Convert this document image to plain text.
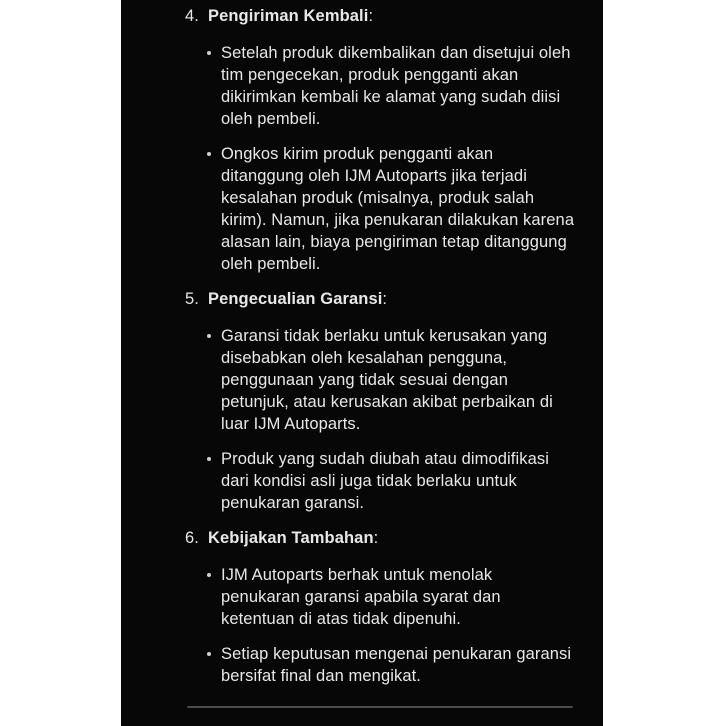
4. Pengiriman Kembali:
Setelah produk dikembalikan dan disetujui oleh tim pengecekan, produk pengganti akan dikirimkan kembali ke alamat yang sudah diisi oleh pembeli.
Ongkos kirim produk pengganti akan ditanggung oleh IJM Autoparts jika terjadi kesalahan produk (misalnya, produk salah kirim). Namun, jika penukaran dilakukan karena alasan lain, biaya pengiriman tetap ditanggung oleh pembeli.
5. Pengecualian Garansi:
Garansi tidak berlaku untuk kerusakan yang disebabkan oleh kesalahan pengguna, penggunaan yang tidak sesuai dengan petunjuk, atau kerusakan akibat perbaikan di luar IJM Autoparts.
Produk yang sudah diubah atau dimodifikasi dari kondisi asli juga tidak berlaku untuk penukaran garansi.
6. Kebijakan Tambahan:
IJM Autoparts berhak untuk menolak penukaran garansi apabila syarat dan ketentuan di atas tidak dipenuhi.
Setiap keputusan mengenai penukaran garansi bersifat final dan mengikat.
